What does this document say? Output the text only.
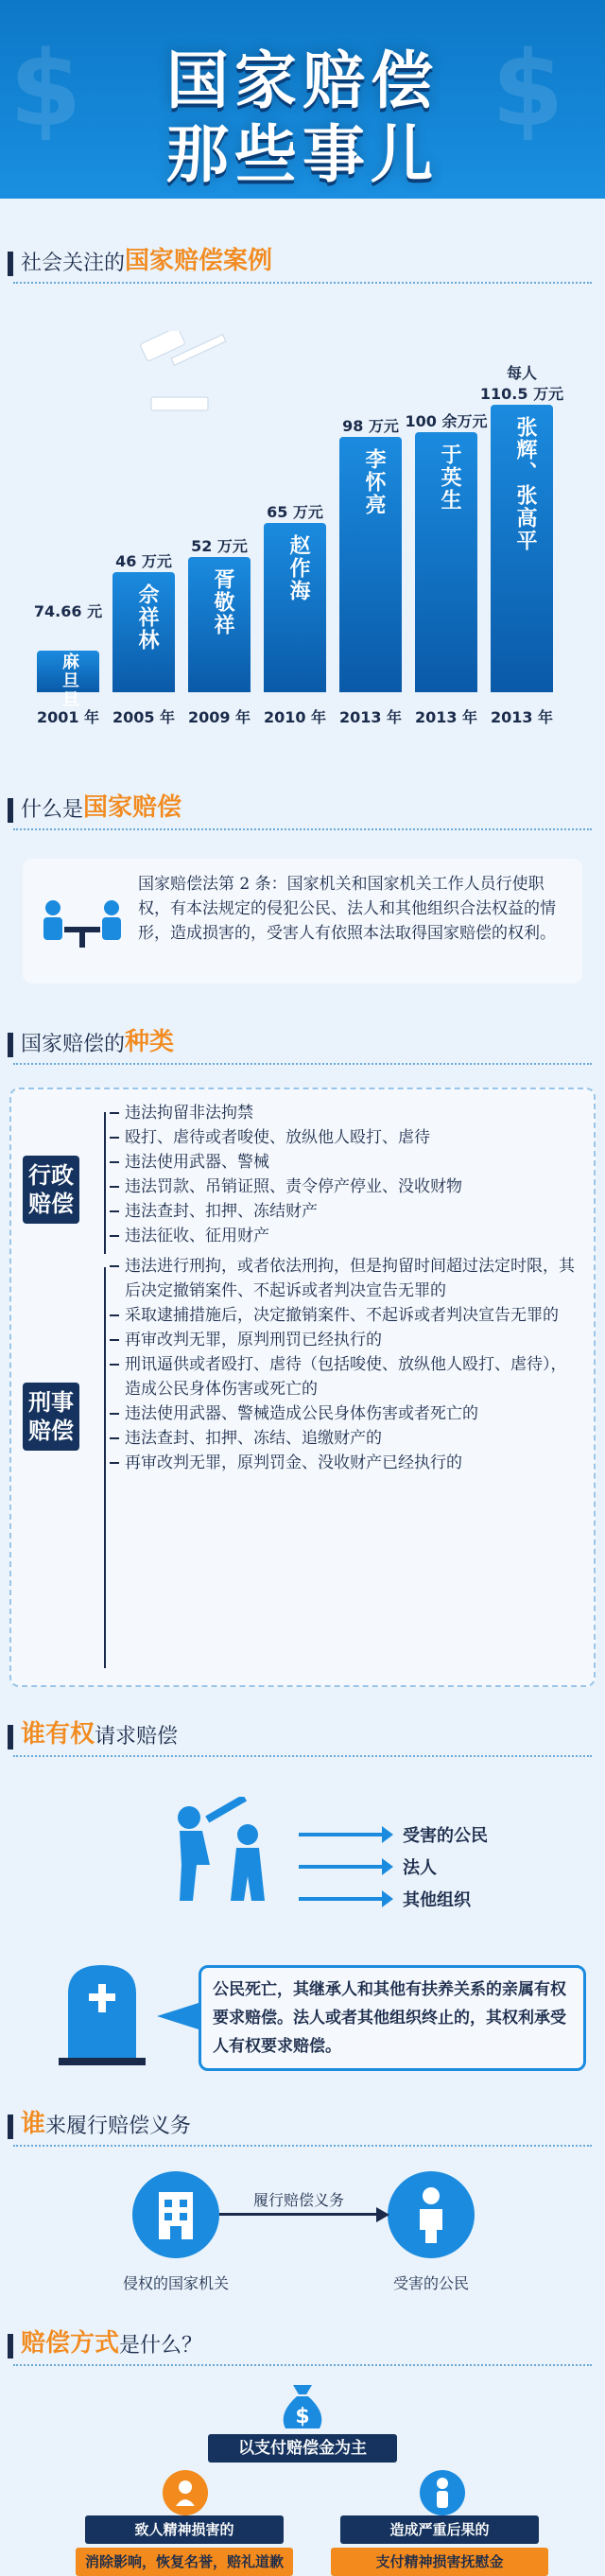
$	$
国家赔偿
那些事儿
社会关注的 国家赔偿案例
麻旦旦
74.66 元
2001 年
佘祥林
46 万元
2005 年
胥敬祥
52 万元
2009 年
赵作海
65 万元
2010 年
李怀亮
98 万元
2013 年
于英生
100 余万元
2013 年
张辉、张高平
110.5 万元
每人
2013 年
什么是 国家赔偿
国家赔偿法第 2 条：国家机关和国家机关工作人员行使职权，有本法规定的侵犯公民、法人和其他组织合法权益的情形，造成损害的，受害人有依照本法取得国家赔偿的权利。
国家赔偿的 种类
行政赔偿
违法拘留非法拘禁
殴打、虐待或者唆使、放纵他人殴打、虐待
违法使用武器、警械
违法罚款、吊销证照、责令停产停业、没收财物
违法查封、扣押、冻结财产
违法征收、征用财产
刑事赔偿
违法进行刑拘，或者依法刑拘，但是拘留时间超过法定时限，其后决定撤销案件、不起诉或者判决宣告无罪的
采取逮捕措施后，决定撤销案件、不起诉或者判决宣告无罪的
再审改判无罪，原判刑罚已经执行的
刑讯逼供或者殴打、虐待（包括唆使、放纵他人殴打、虐待），造成公民身体伤害或死亡的
违法使用武器、警械造成公民身体伤害或者死亡的
违法查封、扣押、冻结、追缴财产的
再审改判无罪，原判罚金、没收财产已经执行的
谁有权 请求赔偿
受害的公民
法人
其他组织
公民死亡，其继承人和其他有扶养关系的亲属有权要求赔偿。法人或者其他组织终止的，其权利承受人有权要求赔偿。
谁 来履行赔偿义务
履行赔偿义务
侵权的国家机关	受害的公民
赔偿方式 是什么？
$
以支付赔偿金为主
致人精神损害的
消除影响，恢复名誉，赔礼道歉
造成严重后果的
支付精神损害抚慰金
